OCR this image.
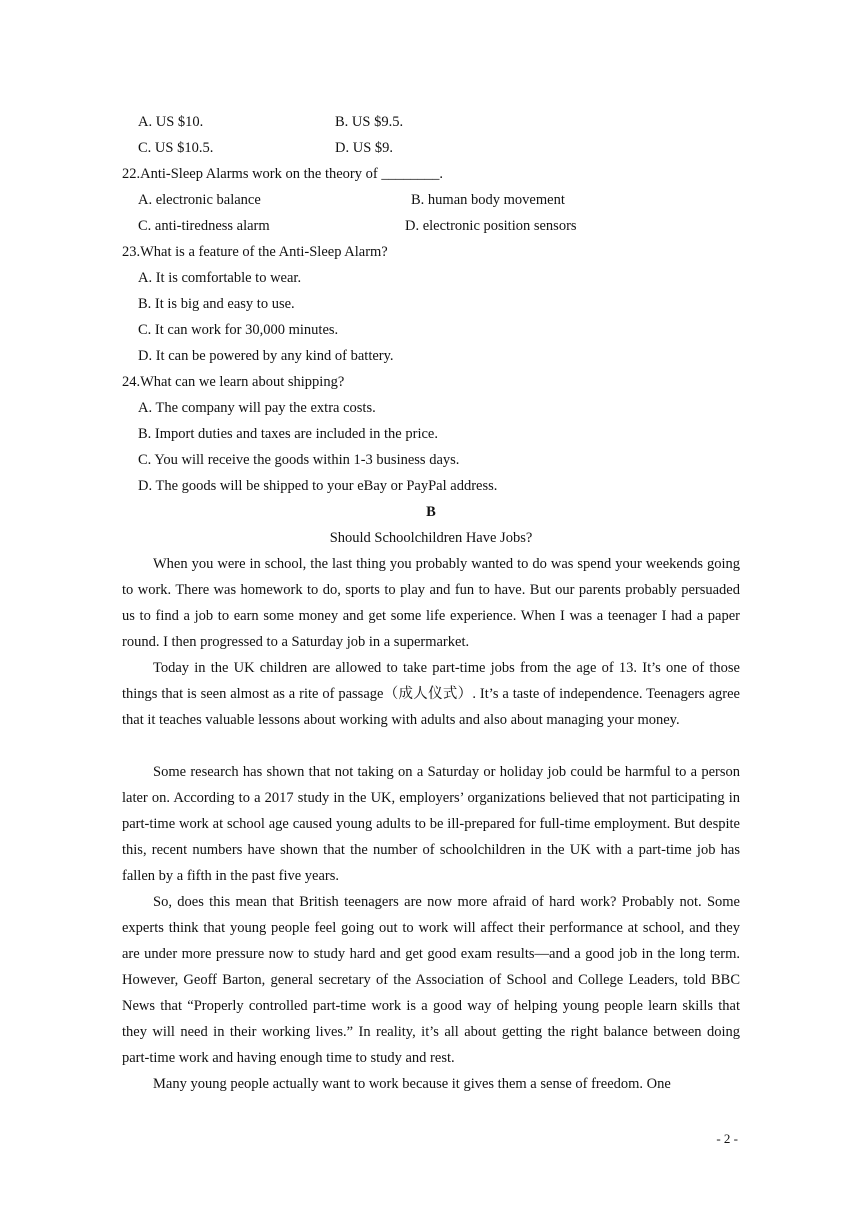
A. US $10.	B. US $9.5.
C. US $10.5.	D. US $9.
22.Anti-Sleep Alarms work on the theory of ________.
A. electronic balance	B. human body movement
C. anti-tiredness alarm	D. electronic position sensors
23.What is a feature of the Anti-Sleep Alarm?
A. It is comfortable to wear.
B. It is big and easy to use.
C. It can work for 30,000 minutes.
D. It can be powered by any kind of battery.
24.What can we learn about shipping?
A. The company will pay the extra costs.
B. Import duties and taxes are included in the price.
C. You will receive the goods within 1-3 business days.
D. The goods will be shipped to your eBay or PayPal address.
B
Should Schoolchildren Have Jobs?
When you were in school, the last thing you probably wanted to do was spend your weekends going to work. There was homework to do, sports to play and fun to have. But our parents probably persuaded us to find a job to earn some money and get some life experience. When I was a teenager I had a paper round. I then progressed to a Saturday job in a supermarket.
Today in the UK children are allowed to take part-time jobs from the age of 13. It’s one of those things that is seen almost as a rite of passage（成人仪式）. It’s a taste of independence. Teenagers agree that it teaches valuable lessons about working with adults and also about managing your money.
Some research has shown that not taking on a Saturday or holiday job could be harmful to a person later on. According to a 2017 study in the UK, employers’ organizations believed that not participating in part-time work at school age caused young adults to be ill-prepared for full-time employment. But despite this, recent numbers have shown that the number of schoolchildren in the UK with a part-time job has fallen by a fifth in the past five years.
So, does this mean that British teenagers are now more afraid of hard work? Probably not. Some experts think that young people feel going out to work will affect their performance at school, and they are under more pressure now to study hard and get good exam results—and a good job in the long term. However, Geoff Barton, general secretary of the Association of School and College Leaders, told BBC News that “Properly controlled part-time work is a good way of helping young people learn skills that they will need in their working lives.” In reality, it’s all about getting the right balance between doing part-time work and having enough time to study and rest.
Many young people actually want to work because it gives them a sense of freedom. One
- 2 -
